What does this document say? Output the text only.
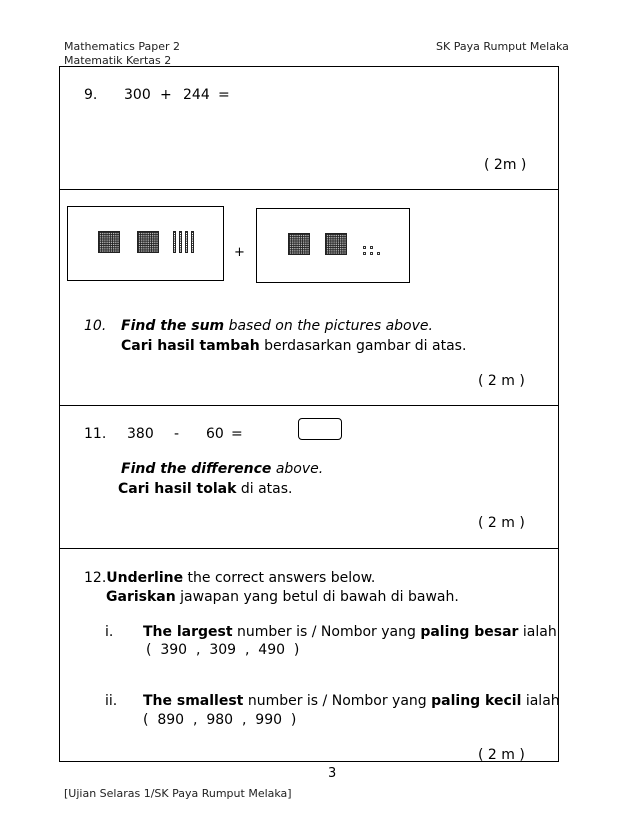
Mathematics Paper 2
Matematik Kertas 2
SK Paya Rumput Melaka
9. 300 + 244 =
( 2m )
+
10. Find the sum based on the pictures above.
Cari hasil tambah berdasarkan gambar di atas.
( 2 m )
11. 380 - 60 =
Find the difference above.
Cari hasil tolak di atas.
( 2 m )
12.Underline the correct answers below.
Gariskan jawapan yang betul di bawah di bawah.
i. The largest number is / Nombor yang paling besar ialah
(  390  ,  309  ,  490  )
ii. The smallest number is / Nombor yang paling kecil ialah
(  890  ,  980  ,  990  )
( 2 m )
3
[Ujian Selaras 1/SK Paya Rumput Melaka]
